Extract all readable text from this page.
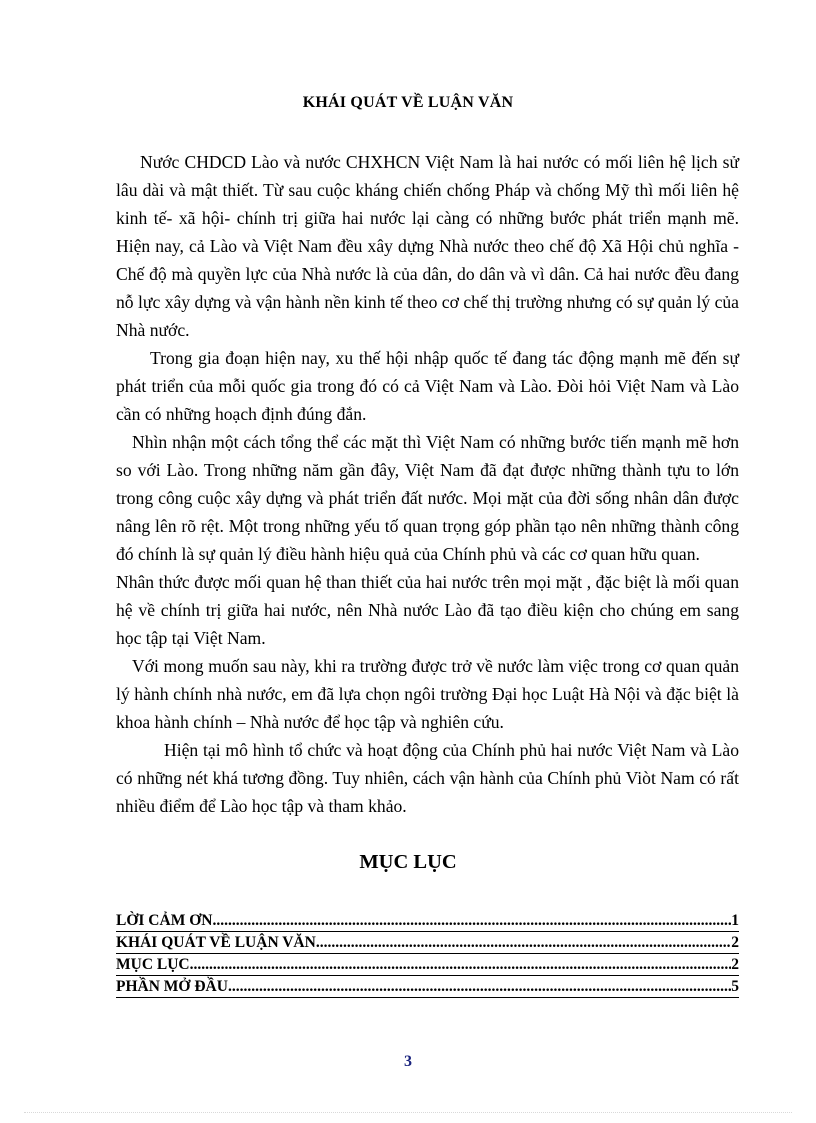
KHÁI QUÁT VỀ LUẬN VĂN

Nước CHDCD Lào và nước CHXHCN Việt Nam là hai nước có mối liên hệ lịch sử lâu dài và mật thiết. Từ sau cuộc kháng chiến chống Pháp và chống Mỹ thì mối liên hệ kinh tế- xã hội- chính trị giữa hai nước lại càng có những bước phát triển mạnh mẽ. Hiện nay, cả Lào và Việt Nam đều xây dựng Nhà nước theo chế độ Xã Hội chủ nghĩa - Chế độ mà quyền lực của Nhà nước là của dân, do dân và vì dân. Cả hai nước đều đang nỗ lực xây dựng và vận hành nền kinh tế theo cơ chế thị trường nhưng có sự quản lý của Nhà nước.

Trong gia đoạn hiện nay, xu thế hội nhập quốc tế đang tác động mạnh mẽ đến sự phát triển của mỗi quốc gia trong đó có cả Việt Nam và Lào. Đòi hỏi Việt Nam và Lào cần có những hoạch định đúng đắn.

Nhìn nhận một cách tổng thể các mặt thì Việt Nam có những bước tiến mạnh mẽ hơn so với Lào. Trong những năm gần đây, Việt Nam đã đạt được những thành tựu to lớn trong công cuộc xây dựng và phát triển đất nước. Mọi mặt của đời sống nhân dân được nâng lên rõ rệt. Một trong những yếu tố quan trọng góp phần tạo nên những thành công đó chính là sự quản lý điều hành hiệu quả của Chính phủ và các cơ quan hữu quan.

Nhân thức được mối quan hệ than thiết của hai nước trên mọi mặt , đặc biệt là mối quan hệ về chính trị giữa hai nước, nên Nhà nước Lào đã tạo điều kiện cho chúng em sang học tập tại Việt Nam.

Với mong muốn sau này, khi ra trường được trở về nước làm việc trong cơ quan quản lý hành chính nhà nước, em đã lựa chọn ngôi trường Đại học Luật Hà Nội và đặc biệt là khoa hành chính – Nhà nước để học tập và nghiên cứu.

Hiện tại mô hình tổ chức và hoạt động của Chính phủ hai nước Việt Nam và Lào có những nét khá tương đồng. Tuy nhiên, cách vận hành của Chính phủ Viòt Nam có rất nhiều điểm để Lào học tập và tham khảo.

MỤC LỤC
LỜI CẢM ƠN .....	1
KHÁI QUÁT VỀ LUẬN VĂN .....	2
MỤC LỤC .....	2
PHẦN MỞ ĐẦU .....	5
3
